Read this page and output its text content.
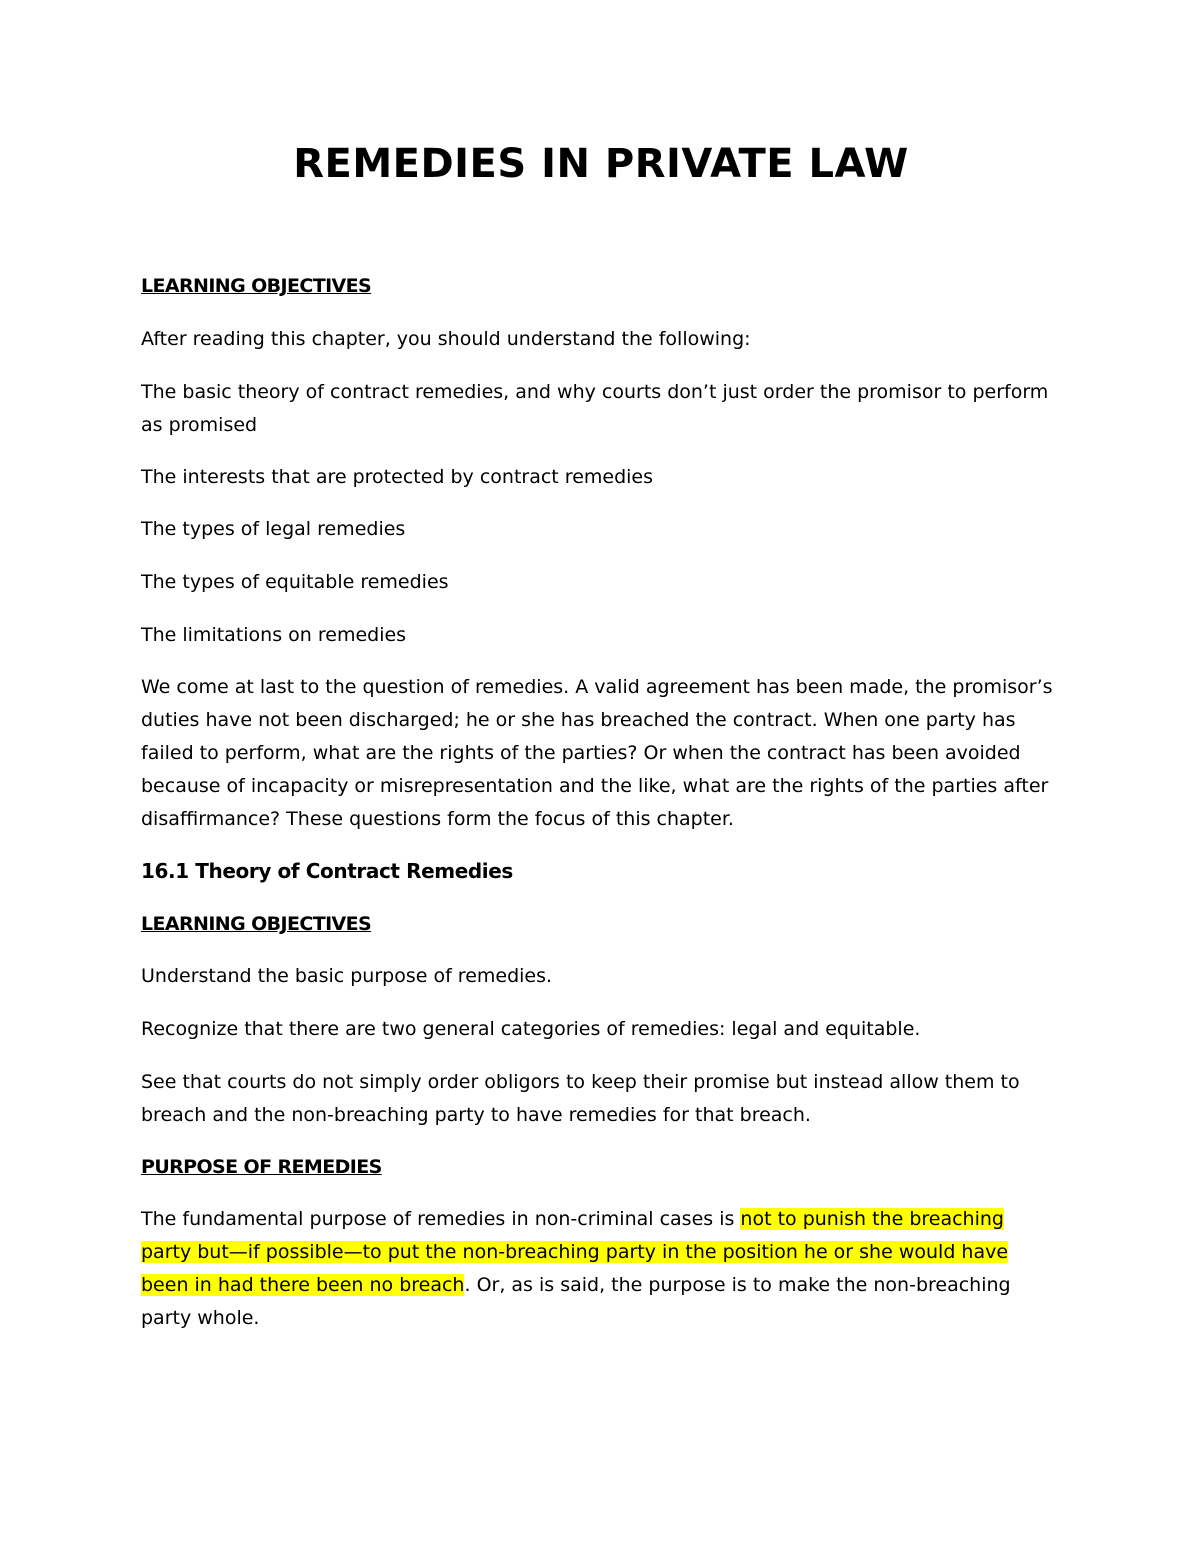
REMEDIES IN PRIVATE LAW
LEARNING OBJECTIVES
After reading this chapter, you should understand the following:
The basic theory of contract remedies, and why courts don’t just order the promisor to perform
as promised
The interests that are protected by contract remedies
The types of legal remedies
The types of equitable remedies
The limitations on remedies
We come at last to the question of remedies. A valid agreement has been made, the promisor’s
duties have not been discharged; he or she has breached the contract. When one party has
failed to perform, what are the rights of the parties? Or when the contract has been avoided
because of incapacity or misrepresentation and the like, what are the rights of the parties after
disaffirmance? These questions form the focus of this chapter.
16.1 Theory of Contract Remedies
LEARNING OBJECTIVES
Understand the basic purpose of remedies.
Recognize that there are two general categories of remedies: legal and equitable.
See that courts do not simply order obligors to keep their promise but instead allow them to
breach and the non-breaching party to have remedies for that breach.
PURPOSE OF REMEDIES
The fundamental purpose of remedies in non-criminal cases is not to punish the breaching
party but—if possible—to put the non-breaching party in the position he or she would have
been in had there been no breach. Or, as is said, the purpose is to make the non-breaching
party whole.
